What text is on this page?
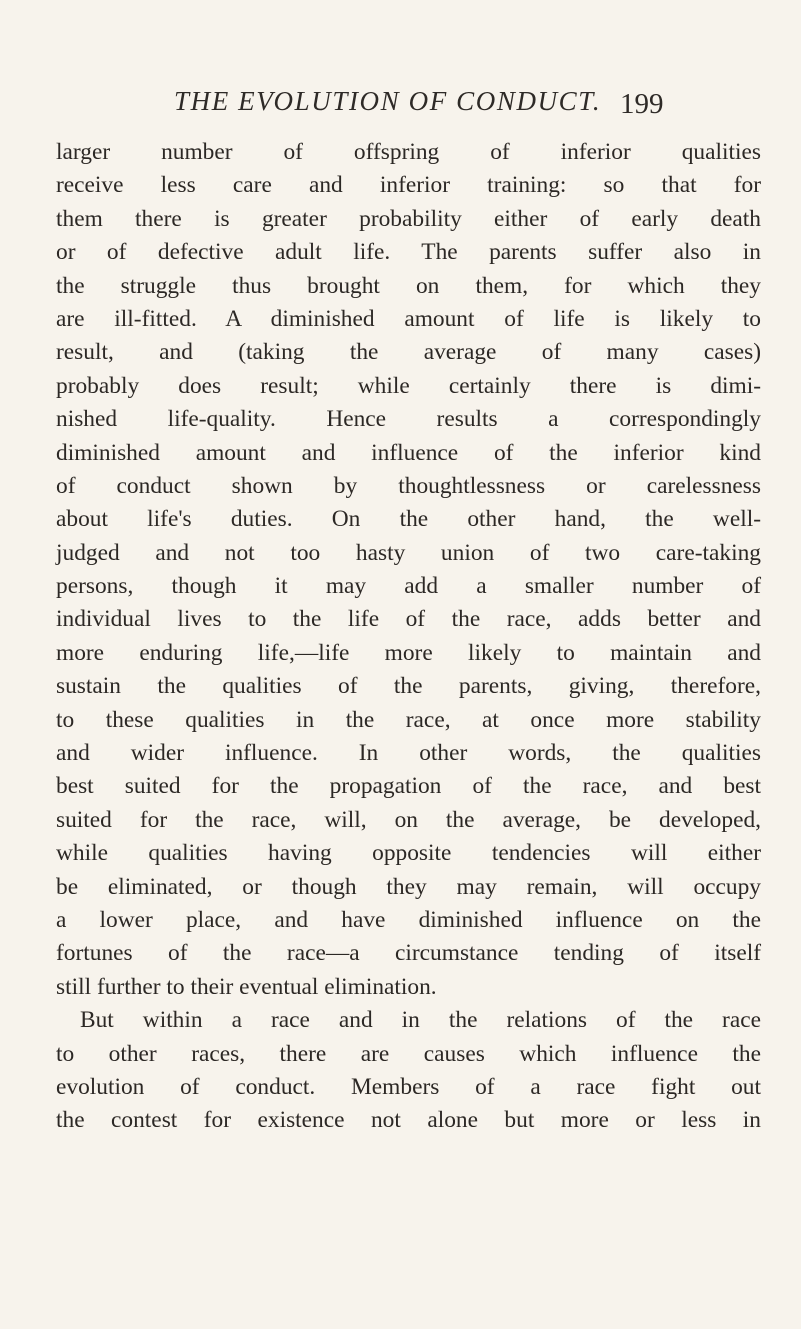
THE EVOLUTION OF CONDUCT. 199
larger number of offspring of inferior qualities
receive less care and inferior training: so that for
them there is greater probability either of early death
or of defective adult life. The parents suffer also in
the struggle thus brought on them, for which they
are ill-fitted. A diminished amount of life is likely to
result, and (taking the average of many cases)
probably does result; while certainly there is dimi-
nished life-quality. Hence results a correspondingly
diminished amount and influence of the inferior kind
of conduct shown by thoughtlessness or carelessness
about life's duties. On the other hand, the well-
judged and not too hasty union of two care-taking
persons, though it may add a smaller number of
individual lives to the life of the race, adds better and
more enduring life,—life more likely to maintain and
sustain the qualities of the parents, giving, therefore,
to these qualities in the race, at once more stability
and wider influence. In other words, the qualities
best suited for the propagation of the race, and best
suited for the race, will, on the average, be developed,
while qualities having opposite tendencies will either
be eliminated, or though they may remain, will occupy
a lower place, and have diminished influence on the
fortunes of the race—a circumstance tending of itself
still further to their eventual elimination.
But within a race and in the relations of the race
to other races, there are causes which influence the
evolution of conduct. Members of a race fight out
the contest for existence not alone but more or less in
